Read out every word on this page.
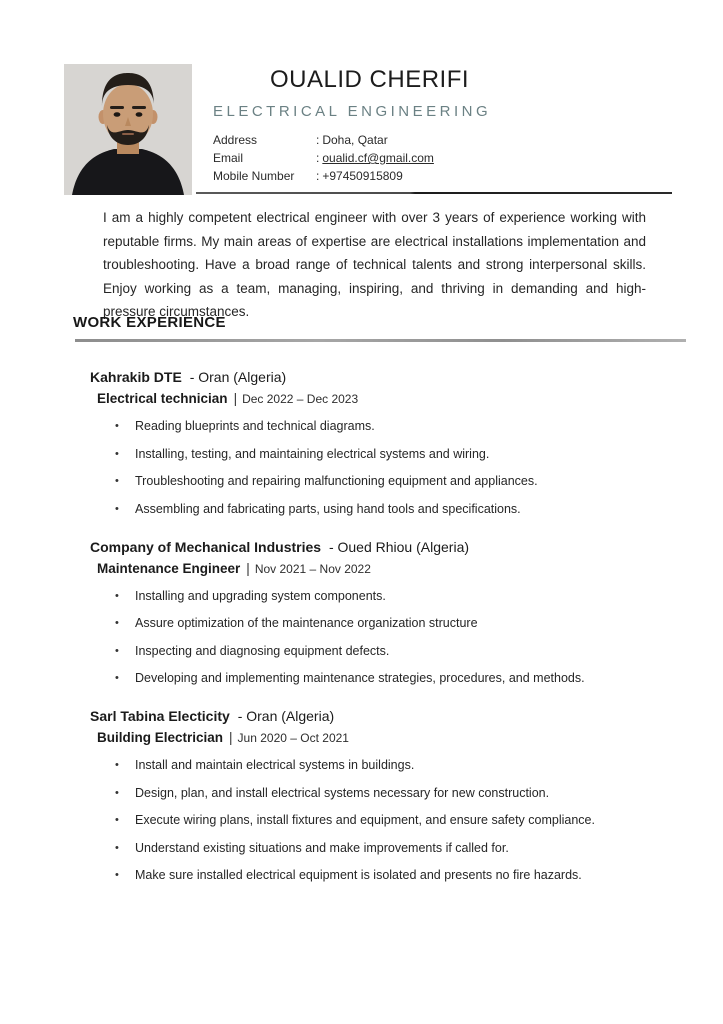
OUALID CHERIFI
ELECTRICAL ENGINEERING
Address	: Doha, Qatar
Email	: oualid.cf@gmail.com
Mobile Number	: +97450915809

I am a highly competent electrical engineer with over 3 years of experience working with reputable firms. My main areas of expertise are electrical installations implementation and troubleshooting. Have a broad range of technical talents and strong interpersonal skills. Enjoy working as a team, managing, inspiring, and thriving in demanding and high-pressure circumstances.

WORK EXPERIENCE
Kahrakib DTE - Oran (Algeria)
Electrical technician | Dec 2022 – Dec 2023
•	Reading blueprints and technical diagrams.
•	Installing, testing, and maintaining electrical systems and wiring.
•	Troubleshooting and repairing malfunctioning equipment and appliances.
•	Assembling and fabricating parts, using hand tools and specifications.
Company of Mechanical Industries - Oued Rhiou (Algeria)
Maintenance Engineer | Nov 2021 – Nov 2022
•	Installing and upgrading system components.
•	Assure optimization of the maintenance organization structure
•	Inspecting and diagnosing equipment defects.
•	Developing and implementing maintenance strategies, procedures, and methods.
Sarl Tabina Electicity - Oran (Algeria)
Building Electrician | Jun 2020 – Oct 2021
•	Install and maintain electrical systems in buildings.
•	Design, plan, and install electrical systems necessary for new construction.
•	Execute wiring plans, install fixtures and equipment, and ensure safety compliance.
•	Understand existing situations and make improvements if called for.
•	Make sure installed electrical equipment is isolated and presents no fire hazards.
